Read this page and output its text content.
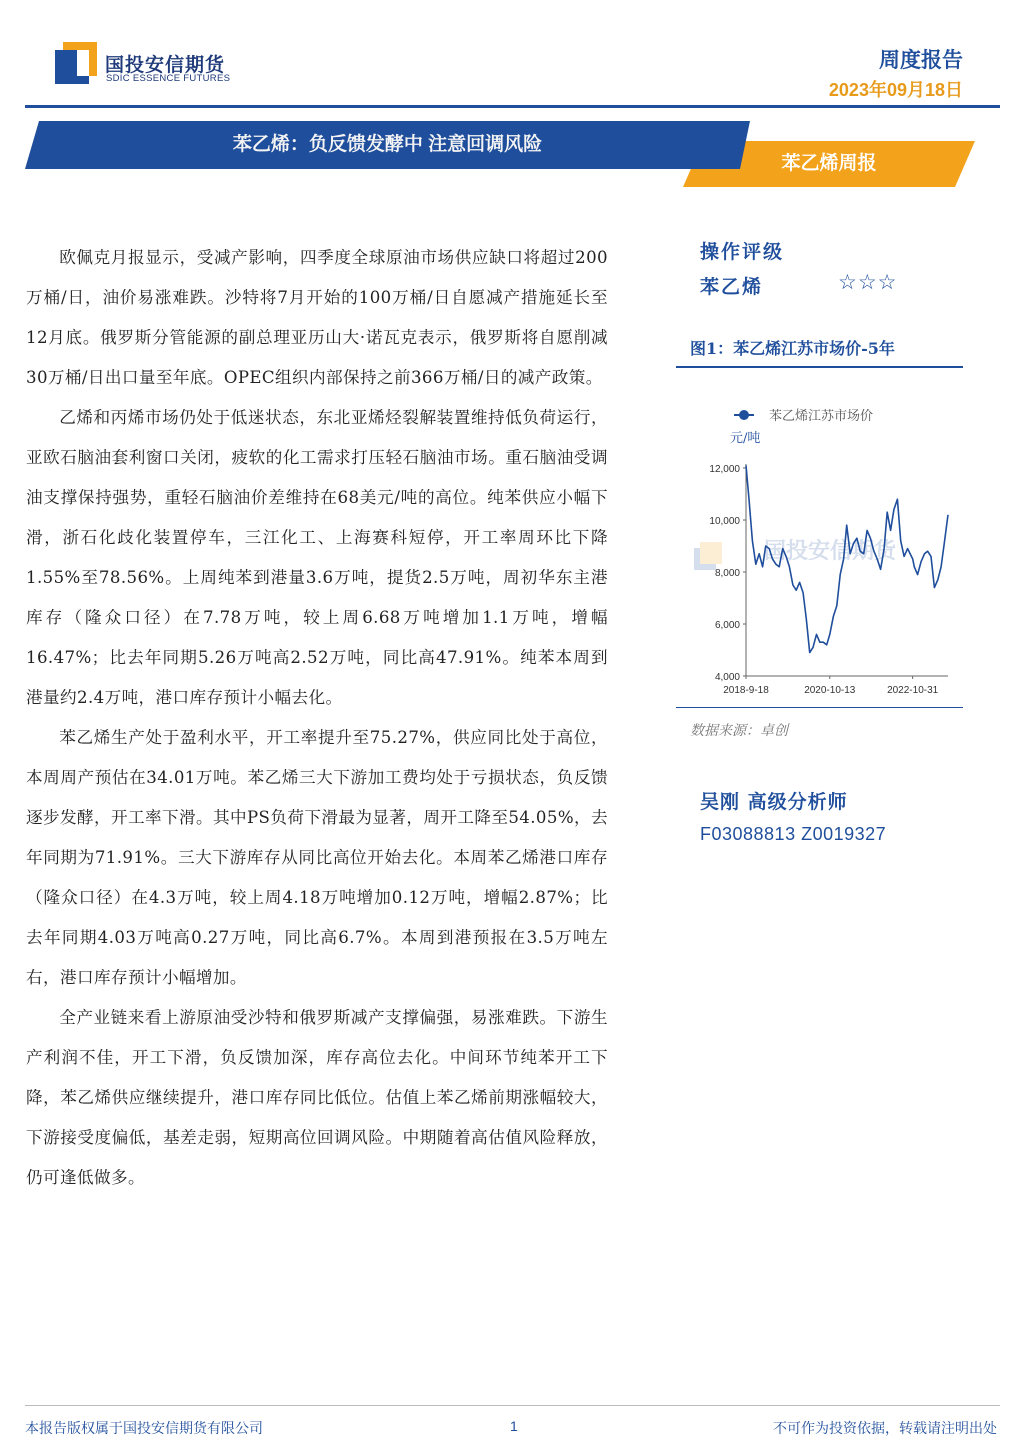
国投安信期货
SDIC ESSENCE FUTURES
周度报告
2023年09月18日
苯乙烯周报
苯乙烯：负反馈发酵中 注意回调风险

欧佩克月报显示，受减产影响，四季度全球原油市场供应缺口将超过200万桶/日，油价易涨难跌。沙特将7月开始的100万桶/日自愿减产措施延长至12月底。俄罗斯分管能源的副总理亚历山大·诺瓦克表示，俄罗斯将自愿削减30万桶/日出口量至年底。OPEC组织内部保持之前366万桶/日的减产政策。

乙烯和丙烯市场仍处于低迷状态，东北亚烯烃裂解装置维持低负荷运行，亚欧石脑油套利窗口关闭，疲软的化工需求打压轻石脑油市场。重石脑油受调油支撑保持强势，重轻石脑油价差维持在68美元/吨的高位。纯苯供应小幅下滑，浙石化歧化装置停车，三江化工、上海赛科短停，开工率周环比下降1.55%至78.56%。上周纯苯到港量3.6万吨，提货2.5万吨，周初华东主港库存（隆众口径）在7.78万吨，较上周6.68万吨增加1.1万吨，增幅16.47%；比去年同期5.26万吨高2.52万吨，同比高47.91%。纯苯本周到港量约2.4万吨，港口库存预计小幅去化。

苯乙烯生产处于盈利水平，开工率提升至75.27%，供应同比处于高位，本周周产预估在34.01万吨。苯乙烯三大下游加工费均处于亏损状态，负反馈逐步发酵，开工率下滑。其中PS负荷下滑最为显著，周开工降至54.05%，去年同期为71.91%。三大下游库存从同比高位开始去化。本周苯乙烯港口库存（隆众口径）在4.3万吨，较上周4.18万吨增加0.12万吨，增幅2.87%；比去年同期4.03万吨高0.27万吨，同比高6.7%。本周到港预报在3.5万吨左右，港口库存预计小幅增加。

全产业链来看上游原油受沙特和俄罗斯减产支撑偏强，易涨难跌。下游生产利润不佳，开工下滑，负反馈加深，库存高位去化。中间环节纯苯开工下降，苯乙烯供应继续提升，港口库存同比低位。估值上苯乙烯前期涨幅较大，下游接受度偏低，基差走弱，短期高位回调风险。中期随着高估值风险释放，仍可逢低做多。

操作评级
苯乙烯	☆☆☆
图1：苯乙烯江苏市场价-5年
国投安信期货
苯乙烯江苏市场价
元/吨
12,000
10,000
8,000
6,000
4,000
2018-9-18	2020-10-13	2022-10-31
数据来源：卓创
吴刚 高级分析师
F03088813 Z0019327
本报告版权属于国投安信期货有限公司	1	不可作为投资依据，转载请注明出处
